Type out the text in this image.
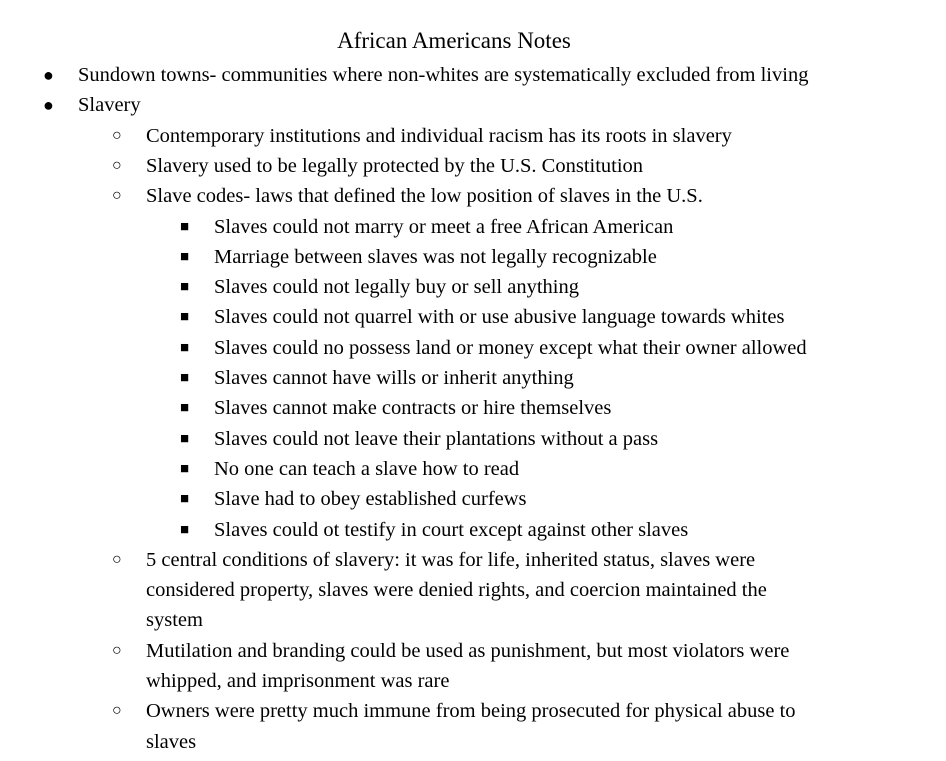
African Americans Notes
● Sundown towns- communities where non-whites are systematically excluded from living
● Slavery
○ Contemporary institutions and individual racism has its roots in slavery
○ Slavery used to be legally protected by the U.S. Constitution
○ Slave codes- laws that defined the low position of slaves in the U.S.
■ Slaves could not marry or meet a free African American
■ Marriage between slaves was not legally recognizable
■ Slaves could not legally buy or sell anything
■ Slaves could not quarrel with or use abusive language towards whites
■ Slaves could no possess land or money except what their owner allowed
■ Slaves cannot have wills or inherit anything
■ Slaves cannot make contracts or hire themselves
■ Slaves could not leave their plantations without a pass
■ No one can teach a slave how to read
■ Slave had to obey established curfews
■ Slaves could ot testify in court except against other slaves
○ 5 central conditions of slavery: it was for life, inherited status, slaves were
considered property, slaves were denied rights, and coercion maintained the
system
○ Mutilation and branding could be used as punishment, but most violators were
whipped, and imprisonment was rare
○ Owners were pretty much immune from being prosecuted for physical abuse to
slaves
